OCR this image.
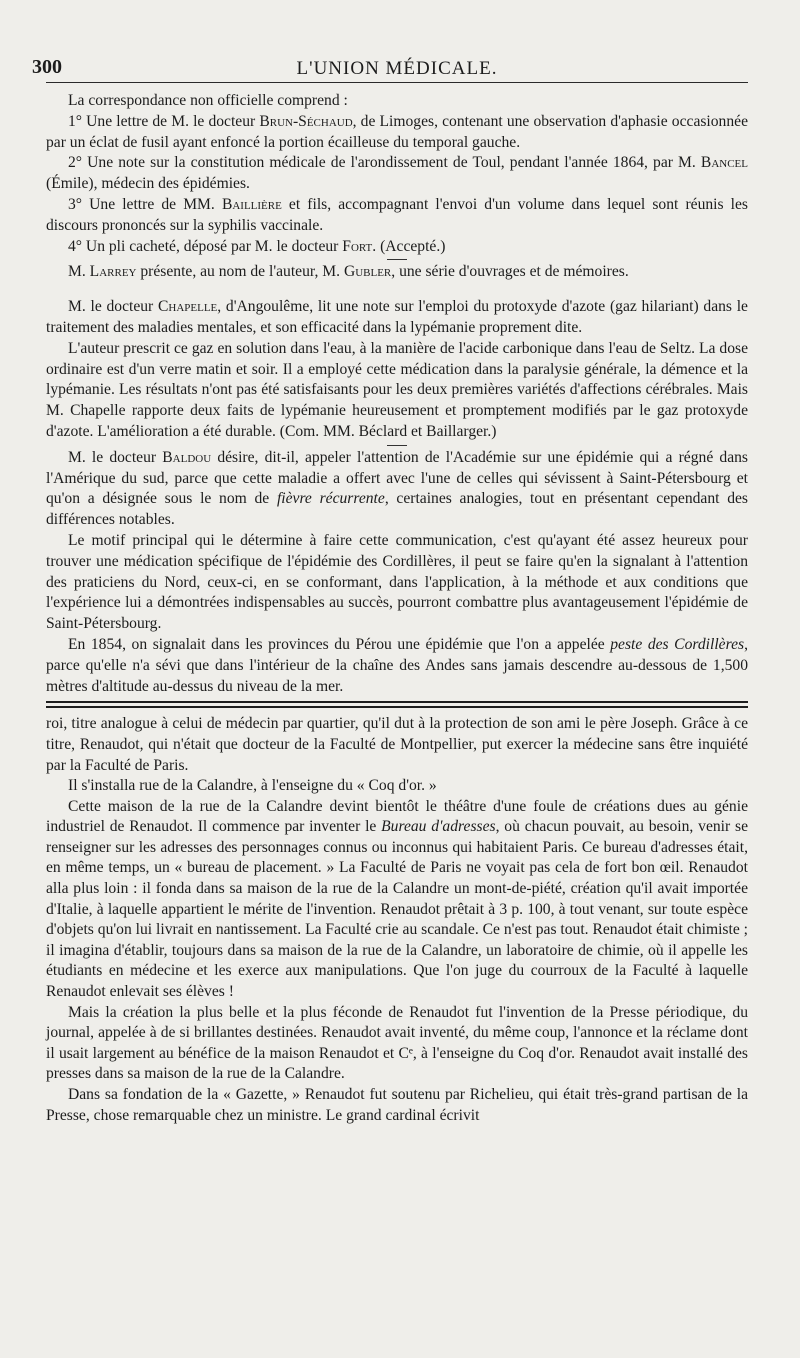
300	L'UNION MÉDICALE.

La correspondance non officielle comprend :

1° Une lettre de M. le docteur Brun-Séchaud, de Limoges, contenant une observation d'aphasie occasionnée par un éclat de fusil ayant enfoncé la portion écailleuse du temporal gauche.

2° Une note sur la constitution médicale de l'arondissement de Toul, pendant l'année 1864, par M. Bancel (Émile), médecin des épidémies.

3° Une lettre de MM. Baillière et fils, accompagnant l'envoi d'un volume dans lequel sont réunis les discours prononcés sur la syphilis vaccinale.

4° Un pli cacheté, déposé par M. le docteur Fort. (Accepté.)

M. Larrey présente, au nom de l'auteur, M. Gubler, une série d'ouvrages et de mémoires.

M. le docteur Chapelle, d'Angoulême, lit une note sur l'emploi du protoxyde d'azote (gaz hilariant) dans le traitement des maladies mentales, et son efficacité dans la lypémanie proprement dite.

L'auteur prescrit ce gaz en solution dans l'eau, à la manière de l'acide carbonique dans l'eau de Seltz. La dose ordinaire est d'un verre matin et soir. Il a employé cette médication dans la paralysie générale, la démence et la lypémanie. Les résultats n'ont pas été satisfaisants pour les deux premières variétés d'affections cérébrales. Mais M. Chapelle rapporte deux faits de lypémanie heureusement et promptement modifiés par le gaz protoxyde d'azote. L'amélioration a été durable. (Com. MM. Béclard et Baillarger.)

M. le docteur Baldou désire, dit-il, appeler l'attention de l'Académie sur une épidémie qui a régné dans l'Amérique du sud, parce que cette maladie a offert avec l'une de celles qui sévissent à Saint-Pétersbourg et qu'on a désignée sous le nom de fièvre récurrente, certaines analogies, tout en présentant cependant des différences notables.

Le motif principal qui le détermine à faire cette communication, c'est qu'ayant été assez heureux pour trouver une médication spécifique de l'épidémie des Cordillères, il peut se faire qu'en la signalant à l'attention des praticiens du Nord, ceux-ci, en se conformant, dans l'application, à la méthode et aux conditions que l'expérience lui a démontrées indispensables au succès, pourront combattre plus avantageusement l'épidémie de Saint-Pétersbourg.

En 1854, on signalait dans les provinces du Pérou une épidémie que l'on a appelée peste des Cordillères, parce qu'elle n'a sévi que dans l'intérieur de la chaîne des Andes sans jamais descendre au-dessous de 1,500 mètres d'altitude au-dessus du niveau de la mer.

roi, titre analogue à celui de médecin par quartier, qu'il dut à la protection de son ami le père Joseph. Grâce à ce titre, Renaudot, qui n'était que docteur de la Faculté de Montpellier, put exercer la médecine sans être inquiété par la Faculté de Paris.

Il s'installa rue de la Calandre, à l'enseigne du « Coq d'or. »

Cette maison de la rue de la Calandre devint bientôt le théâtre d'une foule de créations dues au génie industriel de Renaudot. Il commence par inventer le Bureau d'adresses, où chacun pouvait, au besoin, venir se renseigner sur les adresses des personnages connus ou inconnus qui habitaient Paris. Ce bureau d'adresses était, en même temps, un « bureau de placement. » La Faculté de Paris ne voyait pas cela de fort bon œil. Renaudot alla plus loin : il fonda dans sa maison de la rue de la Calandre un mont-de-piété, création qu'il avait importée d'Italie, à laquelle appartient le mérite de l'invention. Renaudot prêtait à 3 p. 100, à tout venant, sur toute espèce d'objets qu'on lui livrait en nantissement. La Faculté crie au scandale. Ce n'est pas tout. Renaudot était chimiste ; il imagina d'établir, toujours dans sa maison de la rue de la Calandre, un laboratoire de chimie, où il appelle les étudiants en médecine et les exerce aux manipulations. Que l'on juge du courroux de la Faculté à laquelle Renaudot enlevait ses élèves !

Mais la création la plus belle et la plus féconde de Renaudot fut l'invention de la Presse périodique, du journal, appelée à de si brillantes destinées. Renaudot avait inventé, du même coup, l'annonce et la réclame dont il usait largement au bénéfice de la maison Renaudot et Cᵉ, à l'enseigne du Coq d'or. Renaudot avait installé des presses dans sa maison de la rue de la Calandre.

Dans sa fondation de la « Gazette, » Renaudot fut soutenu par Richelieu, qui était très-grand partisan de la Presse, chose remarquable chez un ministre. Le grand cardinal écrivit
